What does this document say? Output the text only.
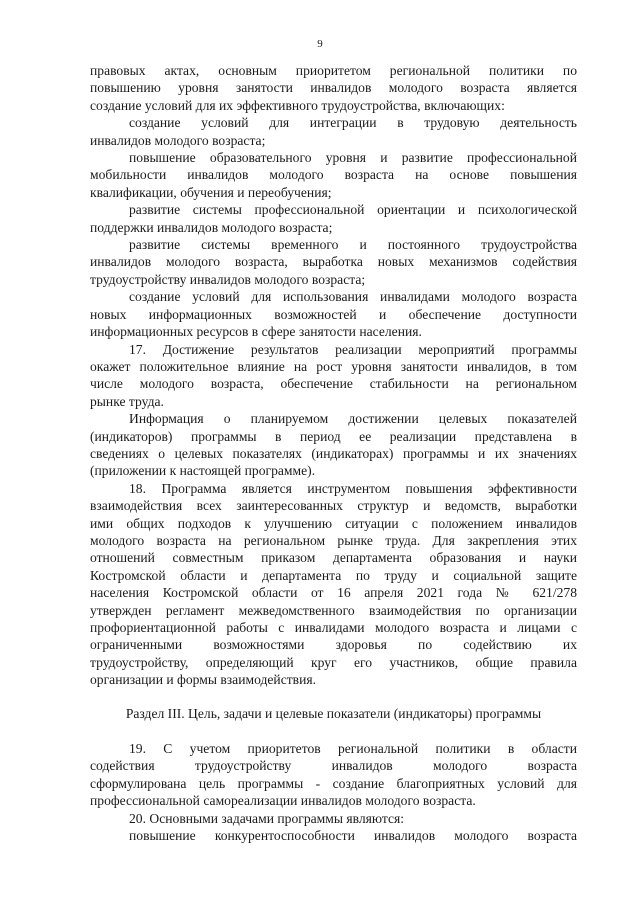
9
правовых актах, основным приоритетом региональной политики по
повышению уровня занятости инвалидов молодого возраста является
создание условий для их эффективного трудоустройства, включающих:
создание условий для интеграции в трудовую деятельность
инвалидов молодого возраста;
повышение образовательного уровня и развитие профессиональной
мобильности инвалидов молодого возраста на основе повышения
квалификации, обучения и переобучения;
развитие системы профессиональной ориентации и психологической
поддержки инвалидов молодого возраста;
развитие системы временного и постоянного трудоустройства
инвалидов молодого возраста, выработка новых механизмов содействия
трудоустройству инвалидов молодого возраста;
создание условий для использования инвалидами молодого возраста
новых информационных возможностей и обеспечение доступности
информационных ресурсов в сфере занятости населения.
17. Достижение результатов реализации мероприятий программы
окажет положительное влияние на рост уровня занятости инвалидов, в том
числе молодого возраста, обеспечение стабильности на региональном
рынке труда.
Информация о планируемом достижении целевых показателей
(индикаторов) программы в период ее реализации представлена в
сведениях о целевых показателях (индикаторах) программы и их значениях
(приложении к настоящей программе).
18. Программа является инструментом повышения эффективности
взаимодействия всех заинтересованных структур и ведомств, выработки
ими общих подходов к улучшению ситуации с положением инвалидов
молодого возраста на региональном рынке труда. Для закрепления этих
отношений совместным приказом департамента образования и науки
Костромской области и департамента по труду и социальной защите
населения Костромской области от 16 апреля 2021 года № 621/278
утвержден регламент межведомственного взаимодействия по организации
профориентационной работы с инвалидами молодого возраста и лицами с
ограниченными возможностями здоровья по содействию их
трудоустройству, определяющий круг его участников, общие правила
организации и формы взаимодействия.
Раздел III. Цель, задачи и целевые показатели (индикаторы) программы
19. С учетом приоритетов региональной политики в области
содействия трудоустройству инвалидов молодого возраста
сформулирована цель программы - создание благоприятных условий для
профессиональной самореализации инвалидов молодого возраста.
20. Основными задачами программы являются:
повышение конкурентоспособности инвалидов молодого возраста
